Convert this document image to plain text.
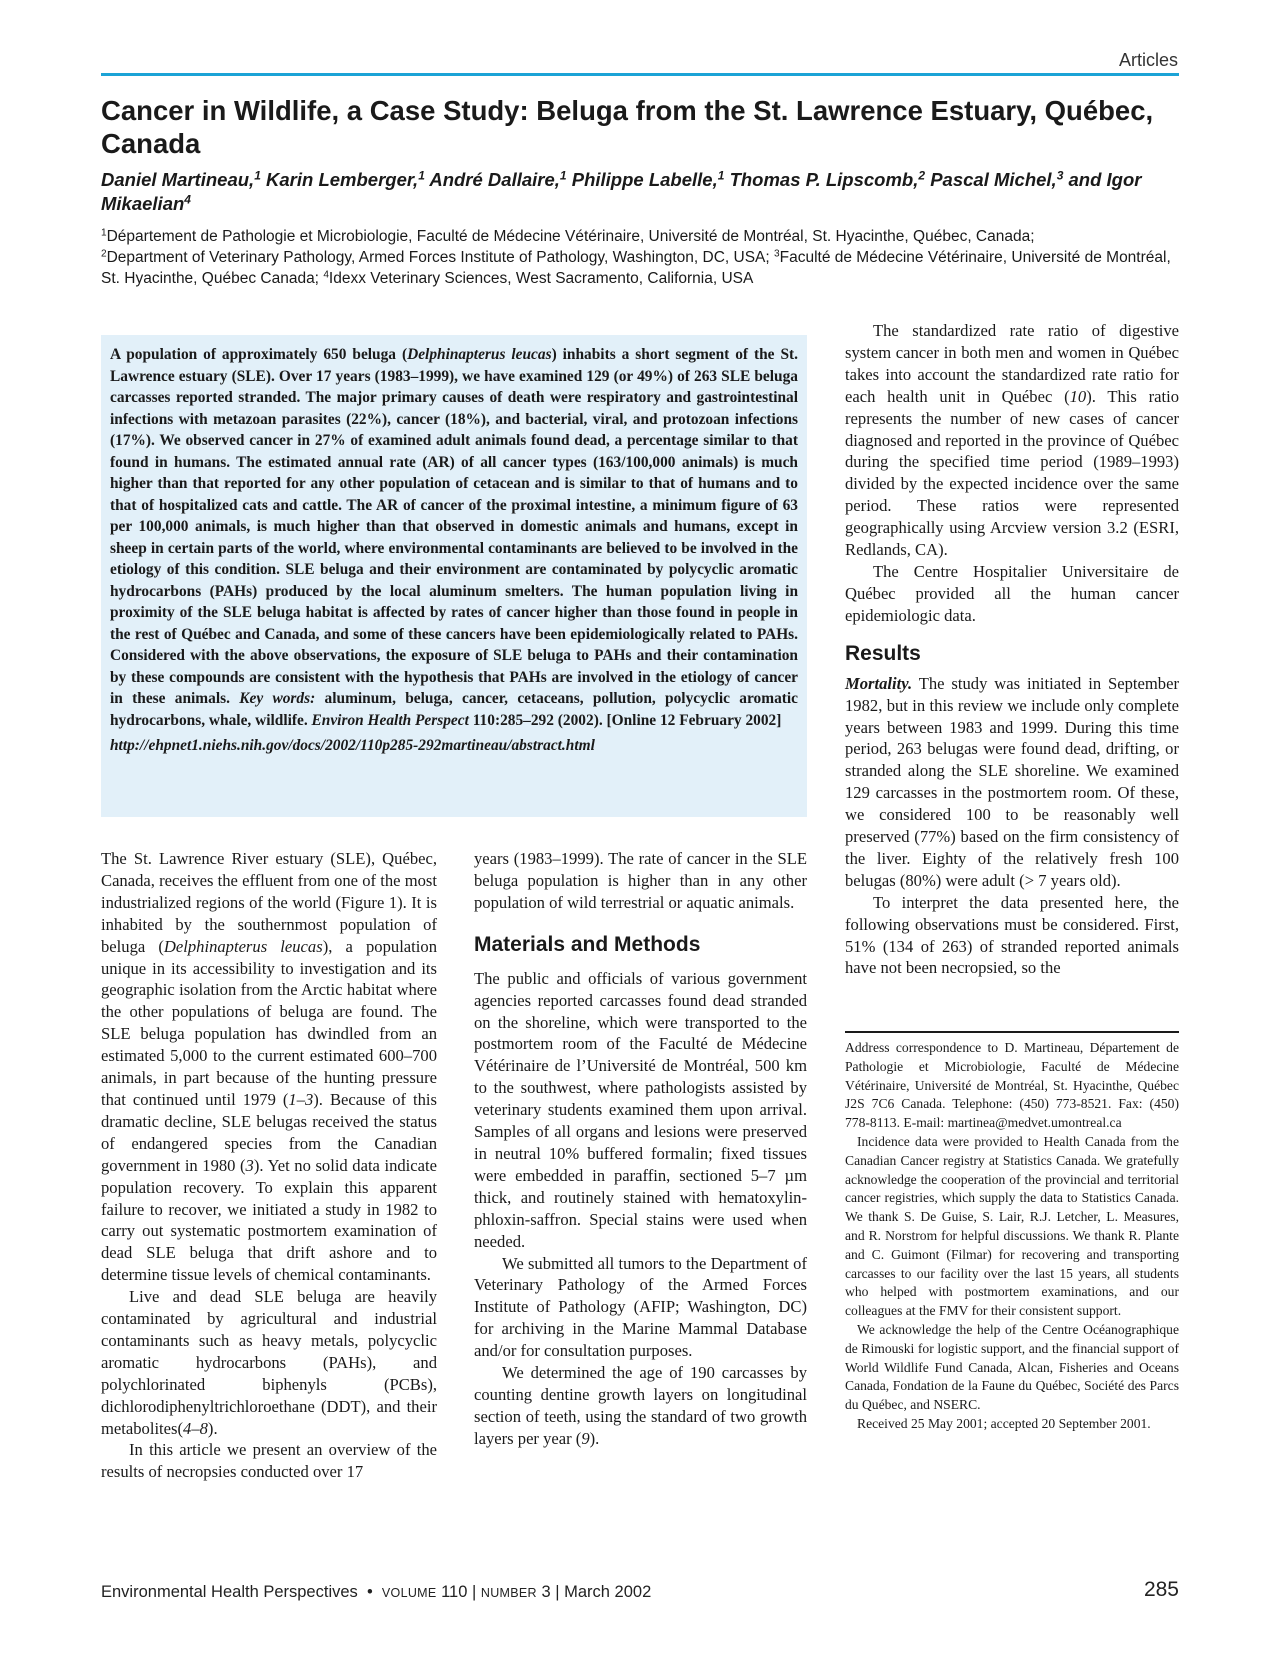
Articles
Cancer in Wildlife, a Case Study: Beluga from the St. Lawrence Estuary, Québec, Canada

Daniel Martineau,$^1$ Karin Lemberger,$^1$ André Dallaire,$^1$ Philippe Labelle,$^1$ Thomas P. Lipscomb,$^2$ Pascal Michel,$^3$ and Igor Mikaelian$^4$

$^1$Département de Pathologie et Microbiologie, Faculté de Médecine Vétérinaire, Université de Montréal, St. Hyacinthe, Québec, Canada;
$^2$Department of Veterinary Pathology, Armed Forces Institute of Pathology, Washington, DC, USA; $^3$Faculté de Médecine Vétérinaire, Université de Montréal, St. Hyacinthe, Québec Canada; $^4$Idexx Veterinary Sciences, West Sacramento, California, USA

A population of approximately 650 beluga (Delphinapterus leucas) inhabits a short segment of the St. Lawrence estuary (SLE). Over 17 years (1983–1999), we have examined 129 (or 49%) of 263 SLE beluga carcasses reported stranded. The major primary causes of death were respiratory and gastrointestinal infections with metazoan parasites (22%), cancer (18%), and bacterial, viral, and protozoan infections (17%). We observed cancer in 27% of examined adult animals found dead, a percentage similar to that found in humans. The estimated annual rate (AR) of all cancer types (163/100,000 animals) is much higher than that reported for any other population of cetacean and is similar to that of humans and to that of hospitalized cats and cattle. The AR of cancer of the proximal intestine, a minimum figure of 63 per 100,000 animals, is much higher than that observed in domestic animals and humans, except in sheep in certain parts of the world, where environmental contaminants are believed to be involved in the etiology of this condition. SLE beluga and their environment are contaminated by polycyclic aromatic hydrocarbons (PAHs) produced by the local aluminum smelters. The human population living in proximity of the SLE beluga habitat is affected by rates of cancer higher than those found in people in the rest of Québec and Canada, and some of these cancers have been epidemiologically related to PAHs. Considered with the above observations, the exposure of SLE beluga to PAHs and their contamination by these compounds are consistent with the hypothesis that PAHs are involved in the etiology of cancer in these animals. Key words: aluminum, beluga, cancer, cetaceans, pollution, polycyclic aromatic hydrocarbons, whale, wildlife. Environ Health Perspect 110:285–292 (2002). [Online 12 February 2002]

http://ehpnet1.niehs.nih.gov/docs/2002/110p285-292martineau/abstract.html

The St. Lawrence River estuary (SLE), Québec, Canada, receives the effluent from one of the most industrialized regions of the world (Figure 1). It is inhabited by the southernmost population of beluga (Delphinapterus leucas), a population unique in its accessibility to investigation and its geographic isolation from the Arctic habitat where the other populations of beluga are found. The SLE beluga population has dwindled from an estimated 5,000 to the current estimated 600–700 animals, in part because of the hunting pressure that continued until 1979 (1–3). Because of this dramatic decline, SLE belugas received the status of endangered species from the Canadian government in 1980 (3). Yet no solid data indicate population recovery. To explain this apparent failure to recover, we initiated a study in 1982 to carry out systematic postmortem examination of dead SLE beluga that drift ashore and to determine tissue levels of chemical contaminants.

Live and dead SLE beluga are heavily contaminated by agricultural and industrial contaminants such as heavy metals, polycyclic aromatic hydrocarbons (PAHs), and polychlorinated biphenyls (PCBs), dichlorodiphenyltrichloroethane (DDT), and their metabolites(4–8).

In this article we present an overview of the results of necropsies conducted over 17

years (1983–1999). The rate of cancer in the SLE beluga population is higher than in any other population of wild terrestrial or aquatic animals.

Materials and Methods

The public and officials of various government agencies reported carcasses found dead stranded on the shoreline, which were transported to the postmortem room of the Faculté de Médecine Vétérinaire de l’Université de Montréal, 500 km to the southwest, where pathologists assisted by veterinary students examined them upon arrival. Samples of all organs and lesions were preserved in neutral 10% buffered formalin; fixed tissues were embedded in paraffin, sectioned 5–7 µm thick, and routinely stained with hematoxylin-phloxin-saffron. Special stains were used when needed.

We submitted all tumors to the Department of Veterinary Pathology of the Armed Forces Institute of Pathology (AFIP; Washington, DC) for archiving in the Marine Mammal Database and/or for consultation purposes.

We determined the age of 190 carcasses by counting dentine growth layers on longitudinal section of teeth, using the standard of two growth layers per year (9).

The standardized rate ratio of digestive system cancer in both men and women in Québec takes into account the standardized rate ratio for each health unit in Québec (10). This ratio represents the number of new cases of cancer diagnosed and reported in the province of Québec during the specified time period (1989–1993) divided by the expected incidence over the same period. These ratios were represented geographically using Arcview version 3.2 (ESRI, Redlands, CA).

The Centre Hospitalier Universitaire de Québec provided all the human cancer epidemiologic data.

Results

Mortality. The study was initiated in September 1982, but in this review we include only complete years between 1983 and 1999. During this time period, 263 belugas were found dead, drifting, or stranded along the SLE shoreline. We examined 129 carcasses in the postmortem room. Of these, we considered 100 to be reasonably well preserved (77%) based on the firm consistency of the liver. Eighty of the relatively fresh 100 belugas (80%) were adult (> 7 years old).

To interpret the data presented here, the following observations must be considered. First, 51% (134 of 263) of stranded reported animals have not been necropsied, so the

Address correspondence to D. Martineau, Département de Pathologie et Microbiologie, Faculté de Médecine Vétérinaire, Université de Montréal, St. Hyacinthe, Québec J2S 7C6 Canada. Telephone: (450) 773-8521. Fax: (450) 778-8113. E-mail: martinea@medvet.umontreal.ca

Incidence data were provided to Health Canada from the Canadian Cancer registry at Statistics Canada. We gratefully acknowledge the cooperation of the provincial and territorial cancer registries, which supply the data to Statistics Canada. We thank S. De Guise, S. Lair, R.J. Letcher, L. Measures, and R. Norstrom for helpful discussions. We thank R. Plante and C. Guimont (Filmar) for recovering and transporting carcasses to our facility over the last 15 years, all students who helped with postmortem examinations, and our colleagues at the FMV for their consistent support.

We acknowledge the help of the Centre Océanographique de Rimouski for logistic support, and the financial support of World Wildlife Fund Canada, Alcan, Fisheries and Oceans Canada, Fondation de la Faune du Québec, Société des Parcs du Québec, and NSERC.

Received 25 May 2001; accepted 20 September 2001.

Environmental Health Perspectives • VOLUME 110 | NUMBER 3 | March 2002	285
